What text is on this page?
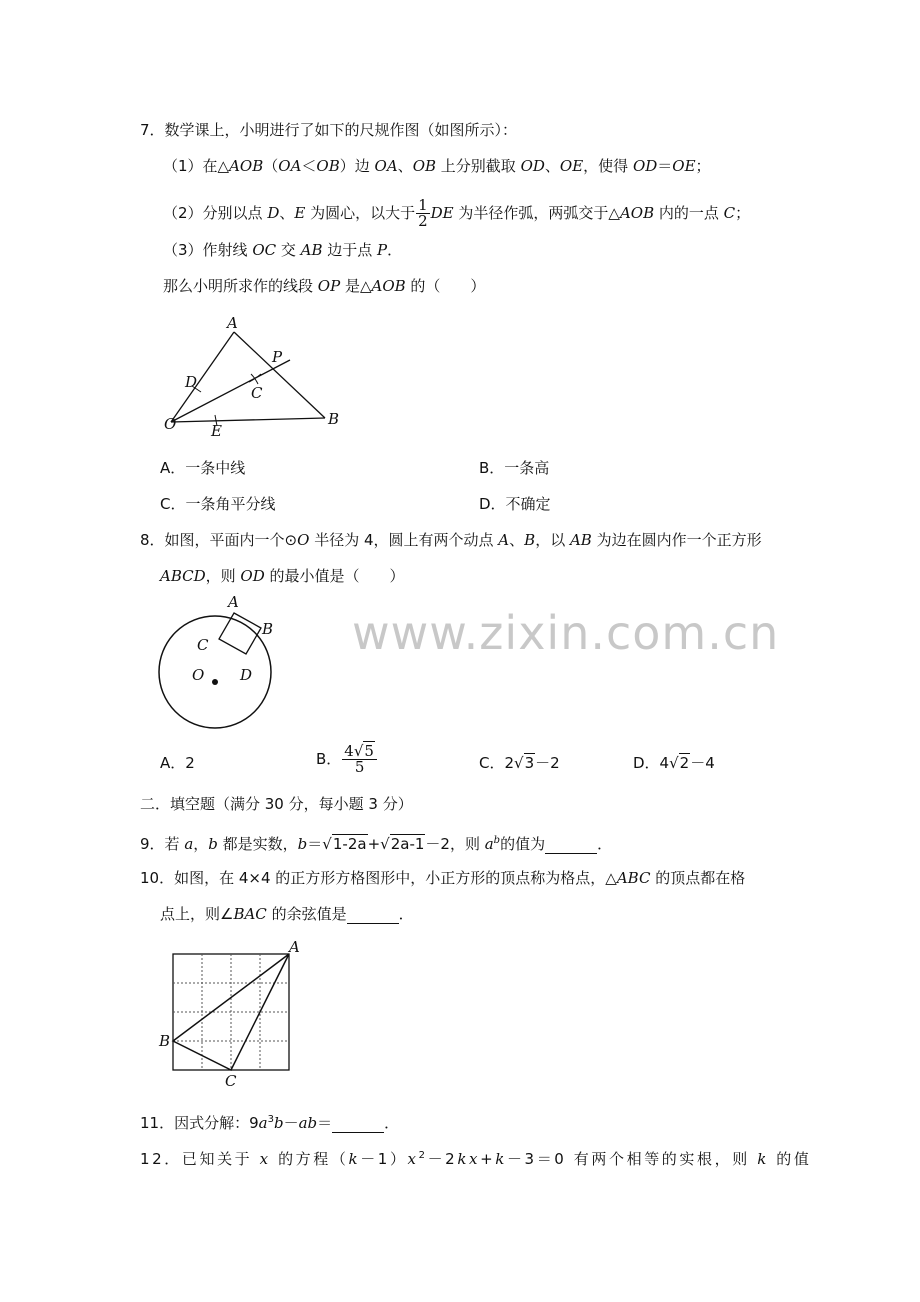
www.zixin.com.cn
7．数学课上，小明进行了如下的尺规作图（如图所示）：
（1）在△AOB（OA＜OB）边 OA、OB 上分别截取 OD、OE，使得 OD＝OE；
（2）分别以点 D、E 为圆心，以大于 $\frac{1}{2}$ DE 为半径作弧，两弧交于△AOB 内的一点 C；
（3）作射线 OC 交 AB 边于点 P．
那么小明所求作的线段 OP 是△AOB 的（　　）
A
P
D
C
O E
B
A．一条中线	B．一条高
C．一条角平分线	D．不确定
8．如图，平面内一个⊙O 半径为 4，圆上有两个动点 A、B，以 AB 为边在圆内作一个正方形
ABCD，则 OD 的最小值是（　　）
A
B
C
O D
A．2	B． $\frac{4√5}{5}$	C．2√3－2	D．4√2－4
二．填空题（满分 30 分，每小题 3 分）
9．若 a，b 都是实数，b＝√1-2a+√2a-1－2，则 $a^b$的值为	．
10．如图，在 4×4 的正方形方格图形中，小正方形的顶点称为格点，△ABC 的顶点都在格
点上，则∠BAC 的余弦值是	．
A
B
C
11．因式分解：$9a^3b-ab=$	．
12．已知关于 x 的方程$(k-1)x^2-2kx+k-3=0$ 有两个相等的实根，则 k 的值
